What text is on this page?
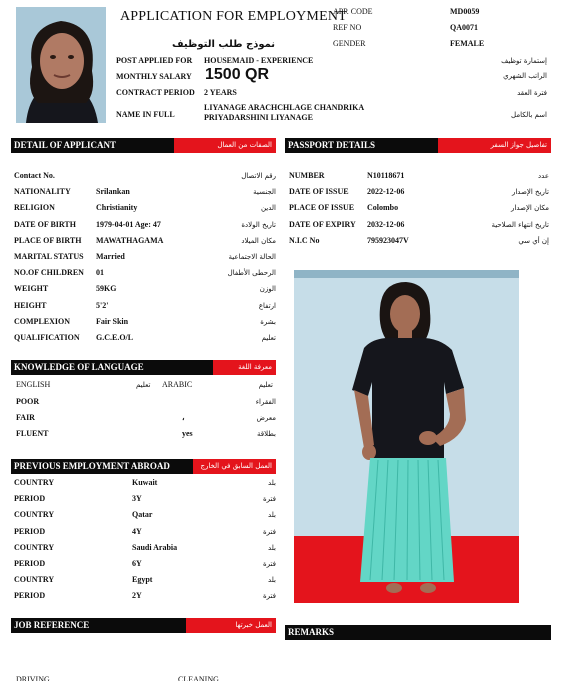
APPLICATION FOR EMPLOYMENT
نموذج طلب التوظيف
APP. CODE	MD0059
REF NO	QA0071
GENDER	FEMALE
POST APPLIED FOR HOUSEMAID - EXPERIENCE	إستمارة توظيف
MONTHLY SALARY 1500 QR	الراتب الشهري
CONTRACT PERIOD 2 YEARS	فترة العقد
NAME IN FULL
LIYANAGE ARACHCHLAGE CHANDRIKA
PRIYADARSHINI LIYANAGE	اسم بالكامل
DETAIL OF APPLICANT	الصفات من العمال
Contact No.	رقم الاتصال
NATIONALITY	Srilankan	الجنسية
RELIGION	Christianity	الدين
DATE OF BIRTH	1979-04-01 Age: 47	تاريخ الولادة
PLACE OF BIRTH MAWATHAGAMA	مكان الميلاد
MARITAL STATUS Married	الحالة الاجتماعية
NO.OF CHILDREN 01	الرحطى الأطفال
WEIGHT	59KG	الوزن
HEIGHT	5'2'	ارتفاع
COMPLEXION	Fair Skin	بشرة
QUALIFICATION G.C.E.O/L	تعليم
PASSPORT DETAILS	تفاصيل جواز السفر
NUMBER	N10118671	عدد
DATE OF ISSUE 2022-12-06	تاريخ الإصدار
PLACE OF ISSUE Colombo	مكان الإصدار
DATE OF EXPIRY 2032-12-06	تاريخ انتهاء الصلاحية
N.I.C No	795923047V	إن أي سي
KNOWLEDGE OF LANGUAGE	معرفة اللغة
ENGLISH	تعليم ARABIC	تعليم
POOR	الفقراء
FAIR	،	معرض
FLUENT	yes	بطلاقة
PREVIOUS EMPLOYMENT ABROAD	العمل السابق في الخارج
COUNTRY	Kuwait	بلد
PERIOD	3Y	فترة
COUNTRY	Qatar	بلد
PERIOD	4Y	فترة
COUNTRY	Saudi Arabia	بلد
PERIOD	6Y	فترة
COUNTRY	Egypt	بلد
PERIOD	2Y	فترة
JOB REFERENCE	العمل خبرتها
REMARKS
DRIVING	CLEANING
